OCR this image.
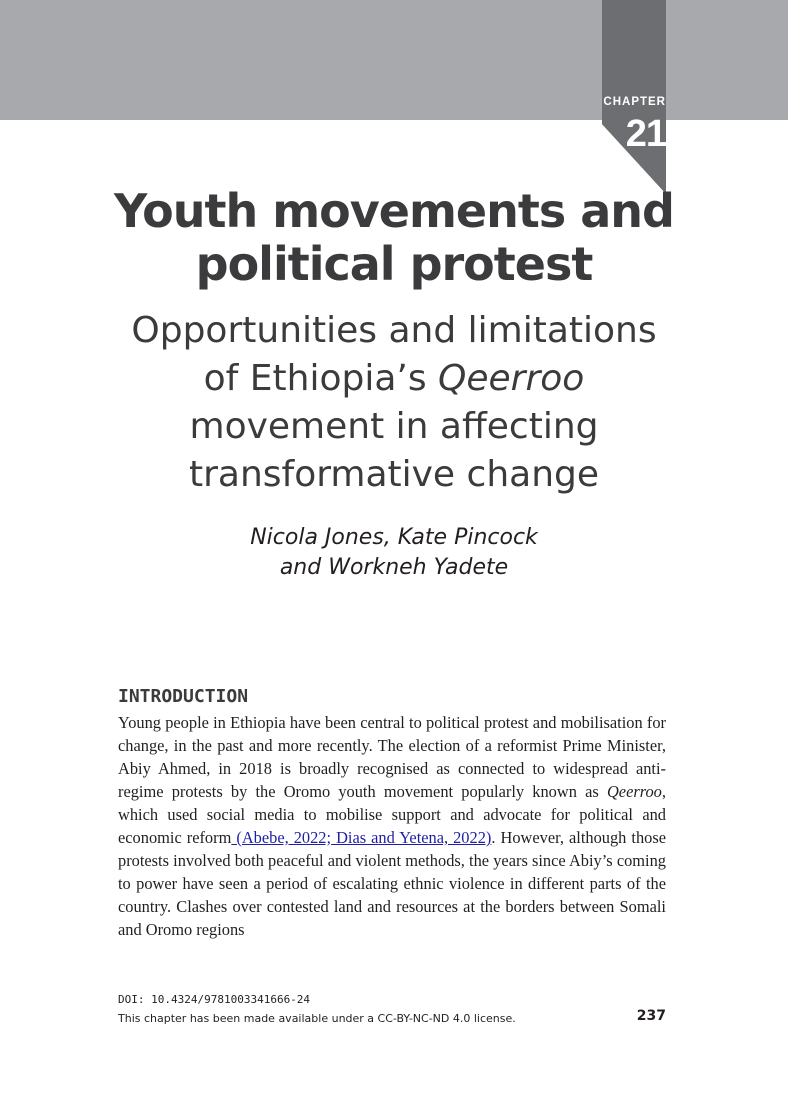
CHAPTER
21
Youth movements and
political protest
Opportunities and limitations
of Ethiopia’s Qeerroo
movement in affecting
transformative change
Nicola Jones, Kate Pincock
and Workneh Yadete
INTRODUCTION
Young people in Ethiopia have been central to political protest and mobilisation for change, in the past and more recently. The election of a reformist Prime Minister, Abiy Ahmed, in 2018 is broadly recognised as connected to widespread anti-regime protests by the Oromo youth movement popularly known as Qeerroo, which used social media to mobilise support and advocate for political and economic reform (Abebe, 2022; Dias and Yetena, 2022). However, although those protests involved both peaceful and violent methods, the years since Abiy’s coming to power have seen a period of escalating ethnic violence in different parts of the country. Clashes over contested land and resources at the borders between Somali and Oromo regions
DOI: 10.4324/9781003341666-24
This chapter has been made available under a CC-BY-NC-ND 4.0 license.	237
